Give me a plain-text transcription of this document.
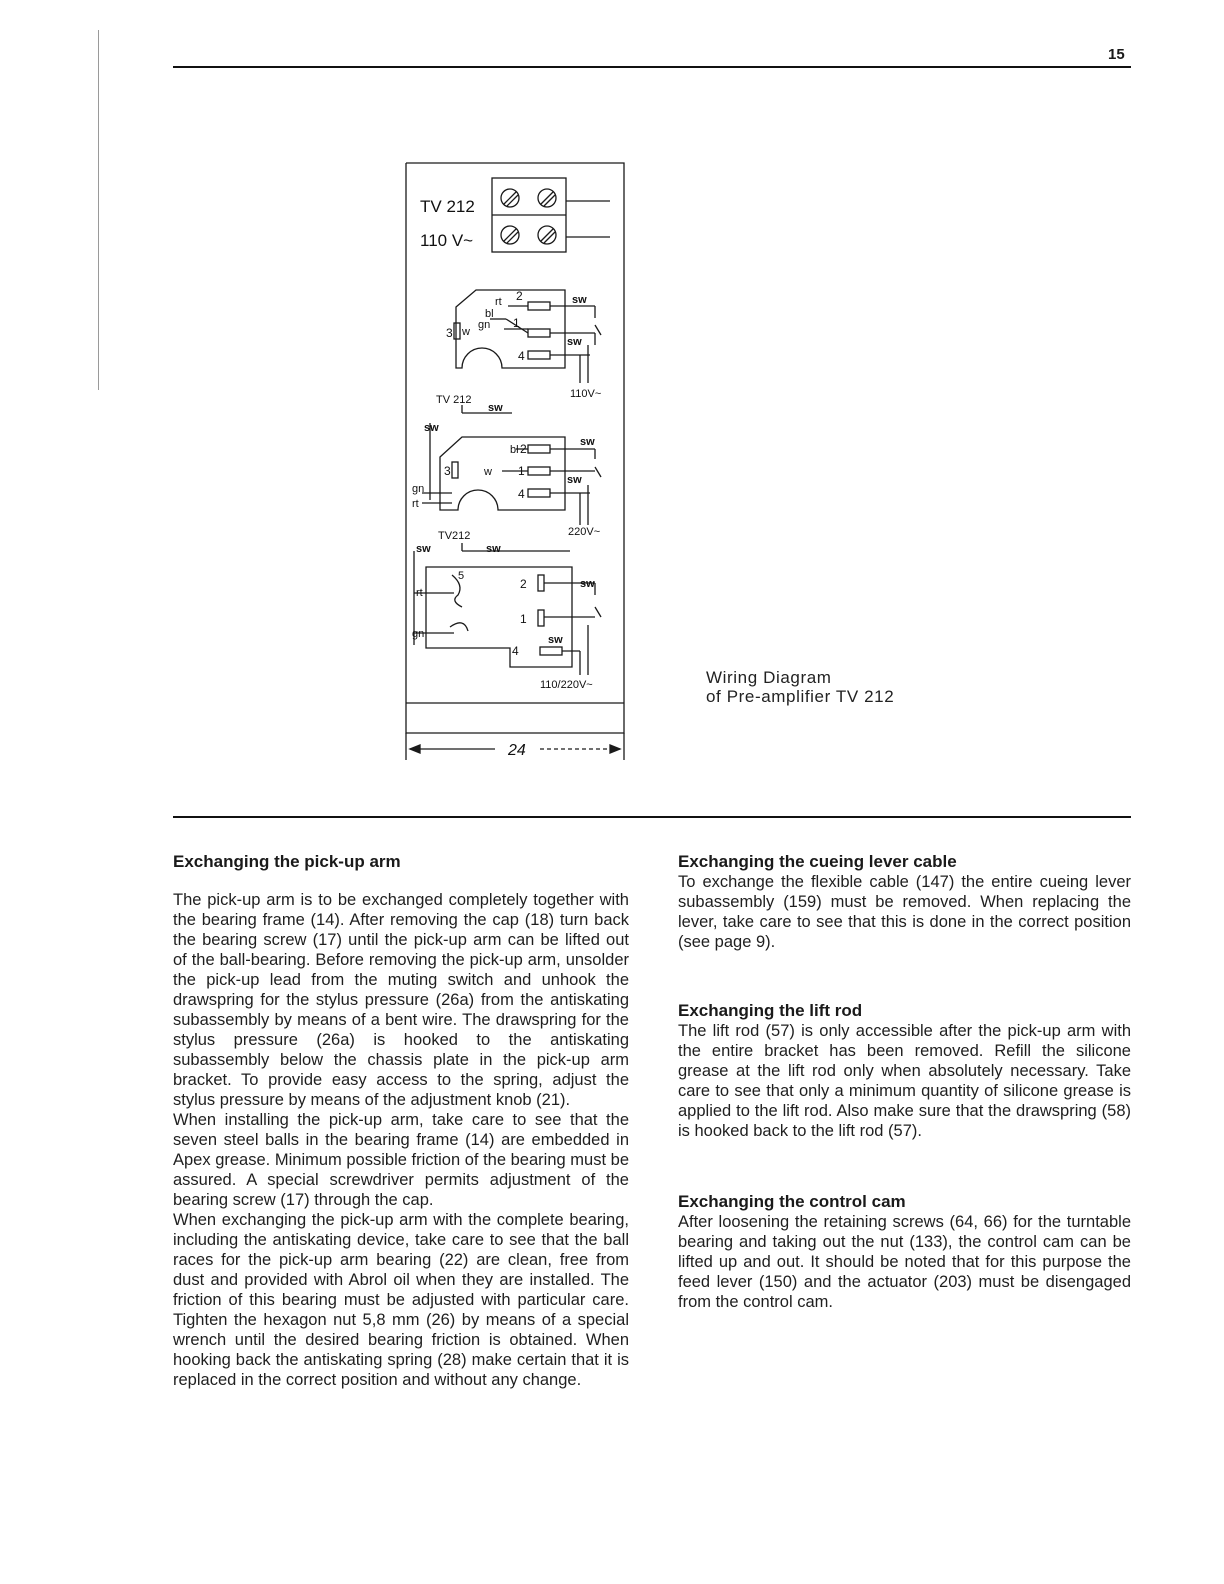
15
TV 212
110 V~
rt
bl
gn
w
3
2
1
4
sw
sw
110V~
TV 212
sw
sw
bl
w
3
2
1
4
sw
sw
gn
rt
220V~
TV212
sw	sw
rt
gn
5
2
1
4
sw
sw
110/220V~
24
Wiring Diagram
of Pre-amplifier TV 212
Exchanging the pick-up arm

The pick-up arm is to be exchanged completely together with the bearing frame (14). After removing the cap (18) turn back the bearing screw (17) until the pick-up arm can be lifted out of the ball-bearing. Before removing the pick-up arm, unsolder the pick-up lead from the muting switch and unhook the drawspring for the stylus pressure (26a) from the antiskating subassembly by means of a bent wire. The drawspring for the stylus pressure (26a) is hooked to the antiskating subassembly below the chassis plate in the pick-up arm bracket. To provide easy access to the spring, adjust the stylus pressure by means of the adjustment knob (21).

When installing the pick-up arm, take care to see that the seven steel balls in the bearing frame (14) are embedded in Apex grease. Minimum possible friction of the bearing must be assured. A special screwdriver permits adjustment of the bearing screw (17) through the cap.

When exchanging the pick-up arm with the complete bearing, including the antiskating device, take care to see that the ball races for the pick-up arm bearing (22) are clean, free from dust and provided with Abrol oil when they are installed. The friction of this bearing must be adjusted with particular care. Tighten the hexagon nut 5,8 mm (26) by means of a special wrench until the desired bearing friction is obtained. When hooking back the antiskating spring (28) make certain that it is replaced in the correct position and without any change.

Exchanging the cueing lever cable

To exchange the flexible cable (147) the entire cueing lever subassembly (159) must be removed. When replacing the lever, take care to see that this is done in the correct position (see page 9).

Exchanging the lift rod

The lift rod (57) is only accessible after the pick-up arm with the entire bracket has been removed. Refill the silicone grease at the lift rod only when absolutely necessary. Take care to see that only a minimum quantity of silicone grease is applied to the lift rod. Also make sure that the drawspring (58) is hooked back to the lift rod (57).

Exchanging the control cam

After loosening the retaining screws (64, 66) for the turntable bearing and taking out the nut (133), the control cam can be lifted up and out. It should be noted that for this purpose the feed lever (150) and the actuator (203) must be disengaged from the control cam.
